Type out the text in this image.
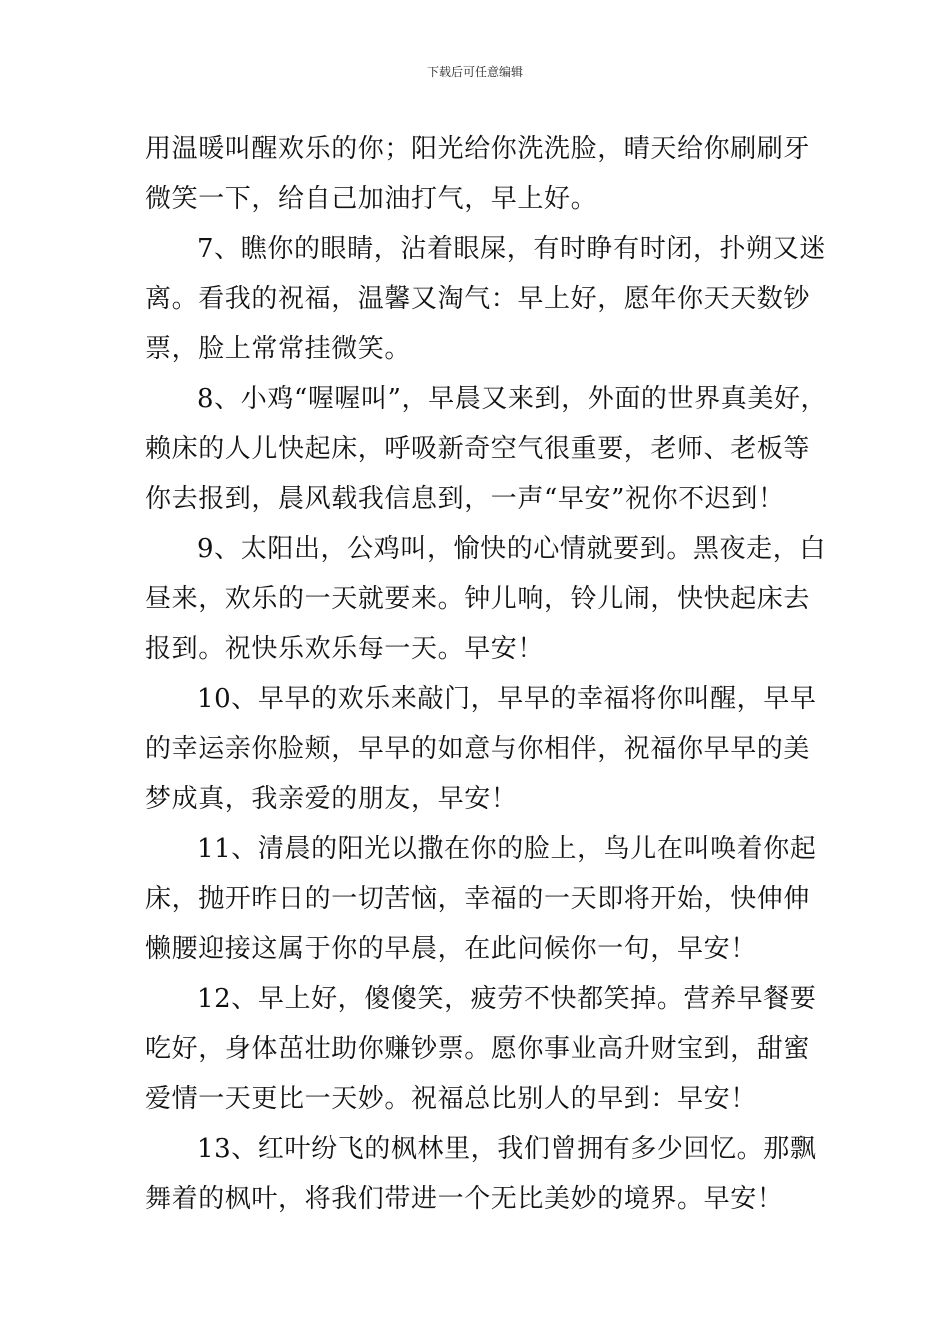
下载后可任意编辑
用温暖叫醒欢乐的你；阳光给你洗洗脸，晴天给你刷刷牙
微笑一下，给自己加油打气，早上好。
7、瞧你的眼睛，沾着眼屎，有时睁有时闭，扑朔又迷
离。看我的祝福，温馨又淘气：早上好，愿年你天天数钞
票，脸上常常挂微笑。
8、小鸡“喔喔叫”，早晨又来到，外面的世界真美好，
赖床的人儿快起床，呼吸新奇空气很重要，老师、老板等
你去报到，晨风载我信息到，一声“早安”祝你不迟到！
9、太阳出，公鸡叫，愉快的心情就要到。黑夜走，白
昼来，欢乐的一天就要来。钟儿响，铃儿闹，快快起床去
报到。祝快乐欢乐每一天。早安！
10、早早的欢乐来敲门，早早的幸福将你叫醒，早早
的幸运亲你脸颊，早早的如意与你相伴，祝福你早早的美
梦成真，我亲爱的朋友，早安！
11、清晨的阳光以撒在你的脸上，鸟儿在叫唤着你起
床，抛开昨日的一切苦恼，幸福的一天即将开始，快伸伸
懒腰迎接这属于你的早晨，在此问候你一句，早安！
12、早上好，傻傻笑，疲劳不快都笑掉。营养早餐要
吃好，身体茁壮助你赚钞票。愿你事业高升财宝到，甜蜜
爱情一天更比一天妙。祝福总比别人的早到：早安！
13、红叶纷飞的枫林里，我们曾拥有多少回忆。那飘
舞着的枫叶，将我们带进一个无比美妙的境界。早安！
